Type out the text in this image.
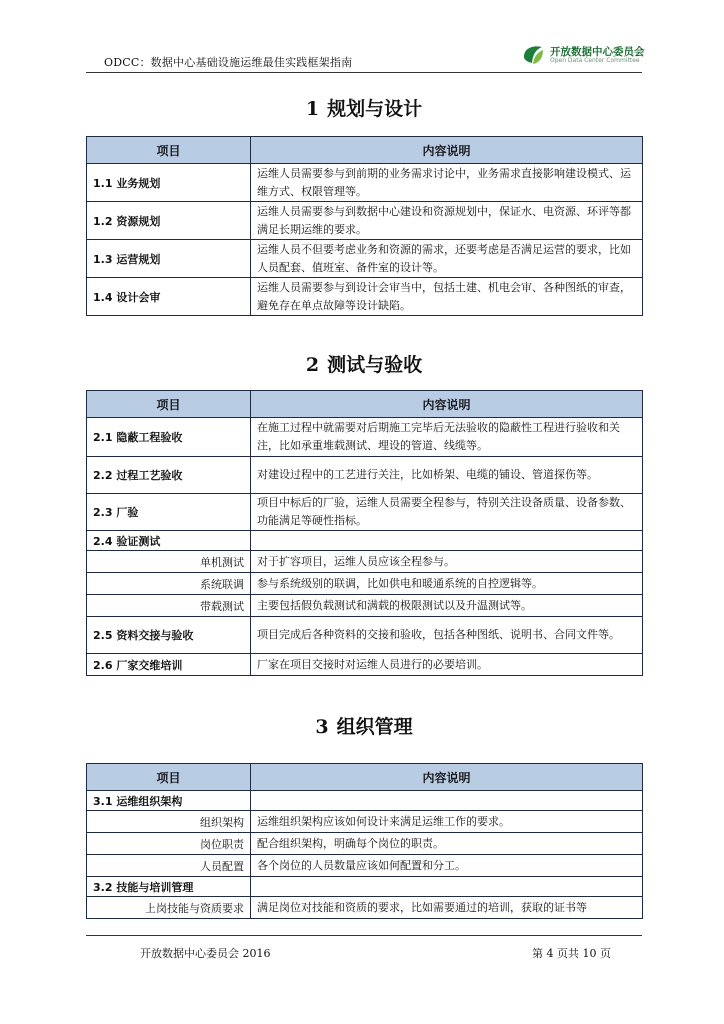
ODCC：数据中心基础设施运维最佳实践框架指南
开放数据中心委员会
Open Data Center Committee
1 规划与设计
项目	内容说明
1.1 业务规划	运维人员需要参与到前期的业务需求讨论中，业务需求直接影响建设模式、运维方式、权限管理等。
1.2 资源规划	运维人员需要参与到数据中心建设和资源规划中，保证水、电资源、环评等都满足长期运维的要求。
1.3 运营规划	运维人员不但要考虑业务和资源的需求，还要考虑是否满足运营的要求，比如人员配套、值班室、备件室的设计等。
1.4 设计会审	运维人员需要参与到设计会审当中，包括土建、机电会审、各种图纸的审查，避免存在单点故障等设计缺陷。
2 测试与验收
项目	内容说明
2.1 隐蔽工程验收	在施工过程中就需要对后期施工完毕后无法验收的隐蔽性工程进行验收和关注，比如承重堆载测试、埋设的管道、线缆等。
2.2 过程工艺验收	对建设过程中的工艺进行关注，比如桥架、电缆的铺设、管道探伤等。
2.3 厂验	项目中标后的厂验，运维人员需要全程参与，特别关注设备质量、设备参数、功能满足等硬性指标。
2.4 验证测试	
单机测试	对于扩容项目，运维人员应该全程参与。
系统联调	参与系统级别的联调，比如供电和暖通系统的自控逻辑等。
带载测试	主要包括假负载测试和满载的极限测试以及升温测试等。
2.5 资料交接与验收	项目完成后各种资料的交接和验收，包括各种图纸、说明书、合同文件等。
2.6 厂家交维培训	厂家在项目交接时对运维人员进行的必要培训。
3 组织管理
项目	内容说明
3.1 运维组织架构	
组织架构	运维组织架构应该如何设计来满足运维工作的要求。
岗位职责	配合组织架构，明确每个岗位的职责。
人员配置	各个岗位的人员数量应该如何配置和分工。
3.2 技能与培训管理	
上岗技能与资质要求	满足岗位对技能和资质的要求，比如需要通过的培训，获取的证书等
开放数据中心委员会 2016	第 4 页共 10 页
